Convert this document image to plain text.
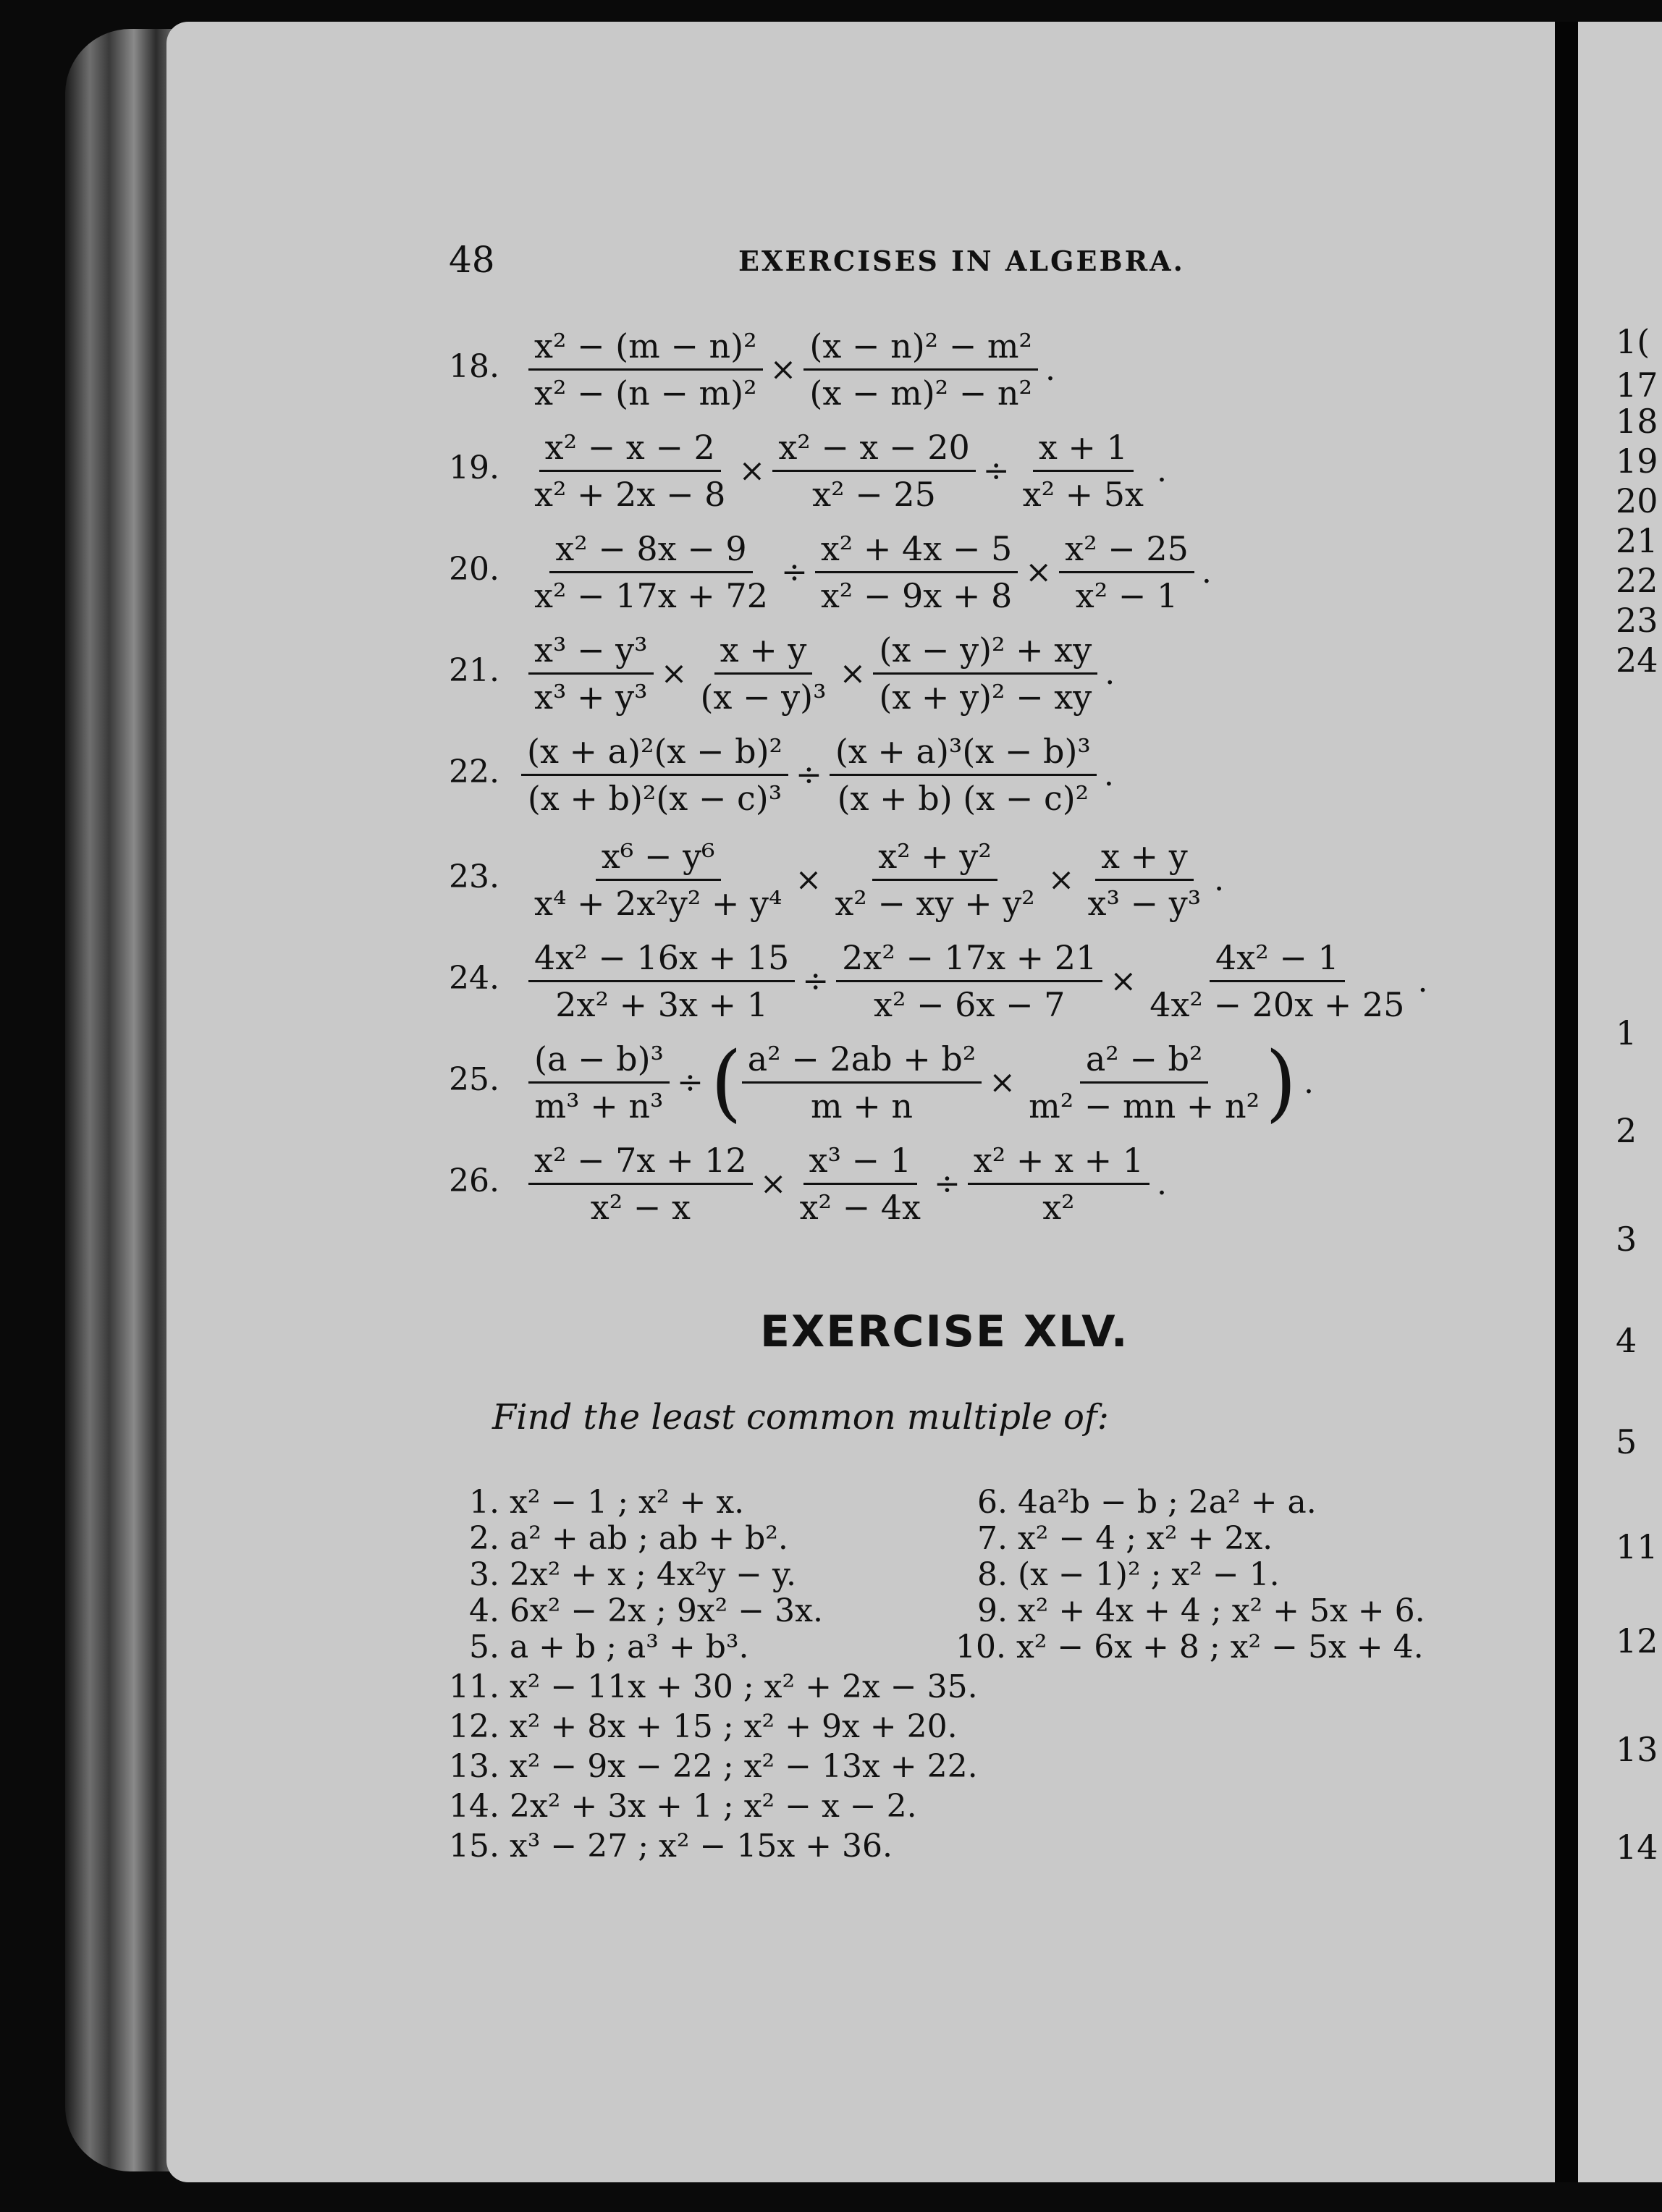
1(
17
18
19
20
21
22
23
24
1
2
3
4
5
11
12
13
14
48	EXERCISES IN ALGEBRA.
18. $\frac{\text{x² − (m − n)²}}{\text{x² − (n − m)²}} \times \frac{\text{(x − n)² − m²}}{\text{(x − m)² − n²}}$ .
19. $\frac{\text{x² − x − 2}}{\text{x² + 2x − 8}} \times \frac{\text{x² − x − 20}}{\text{x² − 25}} \div \frac{x + 1}{\text{x² + 5x}}$ .
20. $\frac{\text{x² − 8x − 9}}{\text{x² − 17x + 72}} \div \frac{\text{x² + 4x − 5}}{\text{x² − 9x + 8}} \times \frac{\text{x² − 25}}{\text{x² − 1}}$ .
21. $\frac{\text{x³ − y³}}{\text{x³ + y³}} \times \frac{x + y}{\text{(x − y)³}} \times \frac{\text{(x − y)² + xy}}{\text{(x + y)² − xy}}$ .
22. $\frac{\text{(x + a)²(x − b)²}}{\text{(x + b)²(x − c)³}} \div \frac{\text{(x + a)³(x − b)³}}{\text{(x + b) (x − c)²}}$ .
23. $\frac{\text{x⁶ − y⁶}}{\text{x⁴ + 2x²y² + y⁴}} \times \frac{\text{x² + y²}}{\text{x² − xy + y²}} \times \frac{x + y}{\text{x³ − y³}}$ .
24. $\frac{\text{4x² − 16x + 15}}{\text{2x² + 3x + 1}} \div \frac{\text{2x² − 17x + 21}}{\text{x² − 6x − 7}} \times \frac{\text{4x² − 1}}{\text{4x² − 20x + 25}}$ .
25. $\frac{\text{(a − b)³}}{\text{m³ + n³}}$ ÷ ( $\frac{\text{a² − 2ab + b²}}{m + n} \times \frac{\text{a² − b²}}{\text{m² − mn + n²}}$ ) .
26. $\frac{\text{x² − 7x + 12}}{\text{x² − x}} \times \frac{\text{x³ − 1}}{\text{x² − 4x}} \div \frac{\text{x² + x + 1}}{\text{x²}}$ .
EXERCISE XLV.
Find the least common multiple of:
1. x² − 1 ; x² + x.
2. a² + ab ; ab + b².
3. 2x² + x ; 4x²y − y.
4. 6x² − 2x ; 9x² − 3x.
5. a + b ; a³ + b³.
6. 4a²b − b ; 2a² + a.
7. x² − 4 ; x² + 2x.
8. (x − 1)² ; x² − 1.
9. x² + 4x + 4 ; x² + 5x + 6.
10. x² − 6x + 8 ; x² − 5x + 4.
11. x² − 11x + 30 ; x² + 2x − 35.
12. x² + 8x + 15 ; x² + 9x + 20.
13. x² − 9x − 22 ; x² − 13x + 22.
14. 2x² + 3x + 1 ; x² − x − 2.
15. x³ − 27 ; x² − 15x + 36.
